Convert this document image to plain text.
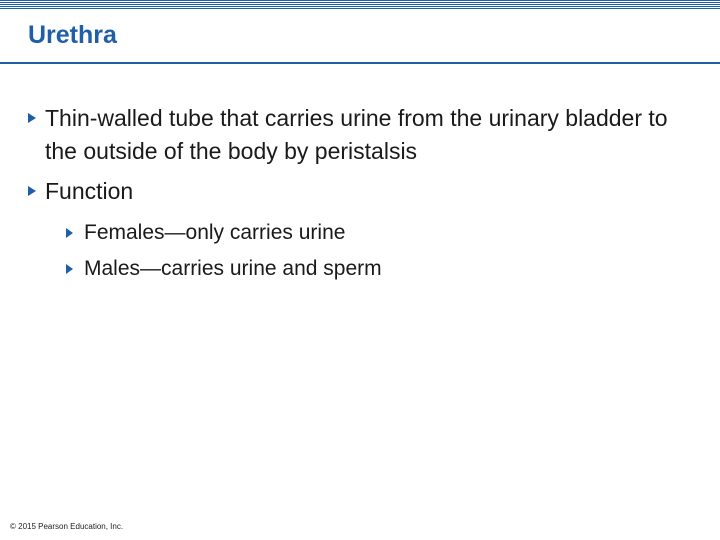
Urethra
Thin-walled tube that carries urine from the urinary bladder to the outside of the body by peristalsis
Function
Females—only carries urine
Males—carries urine and sperm
© 2015 Pearson Education, Inc.
